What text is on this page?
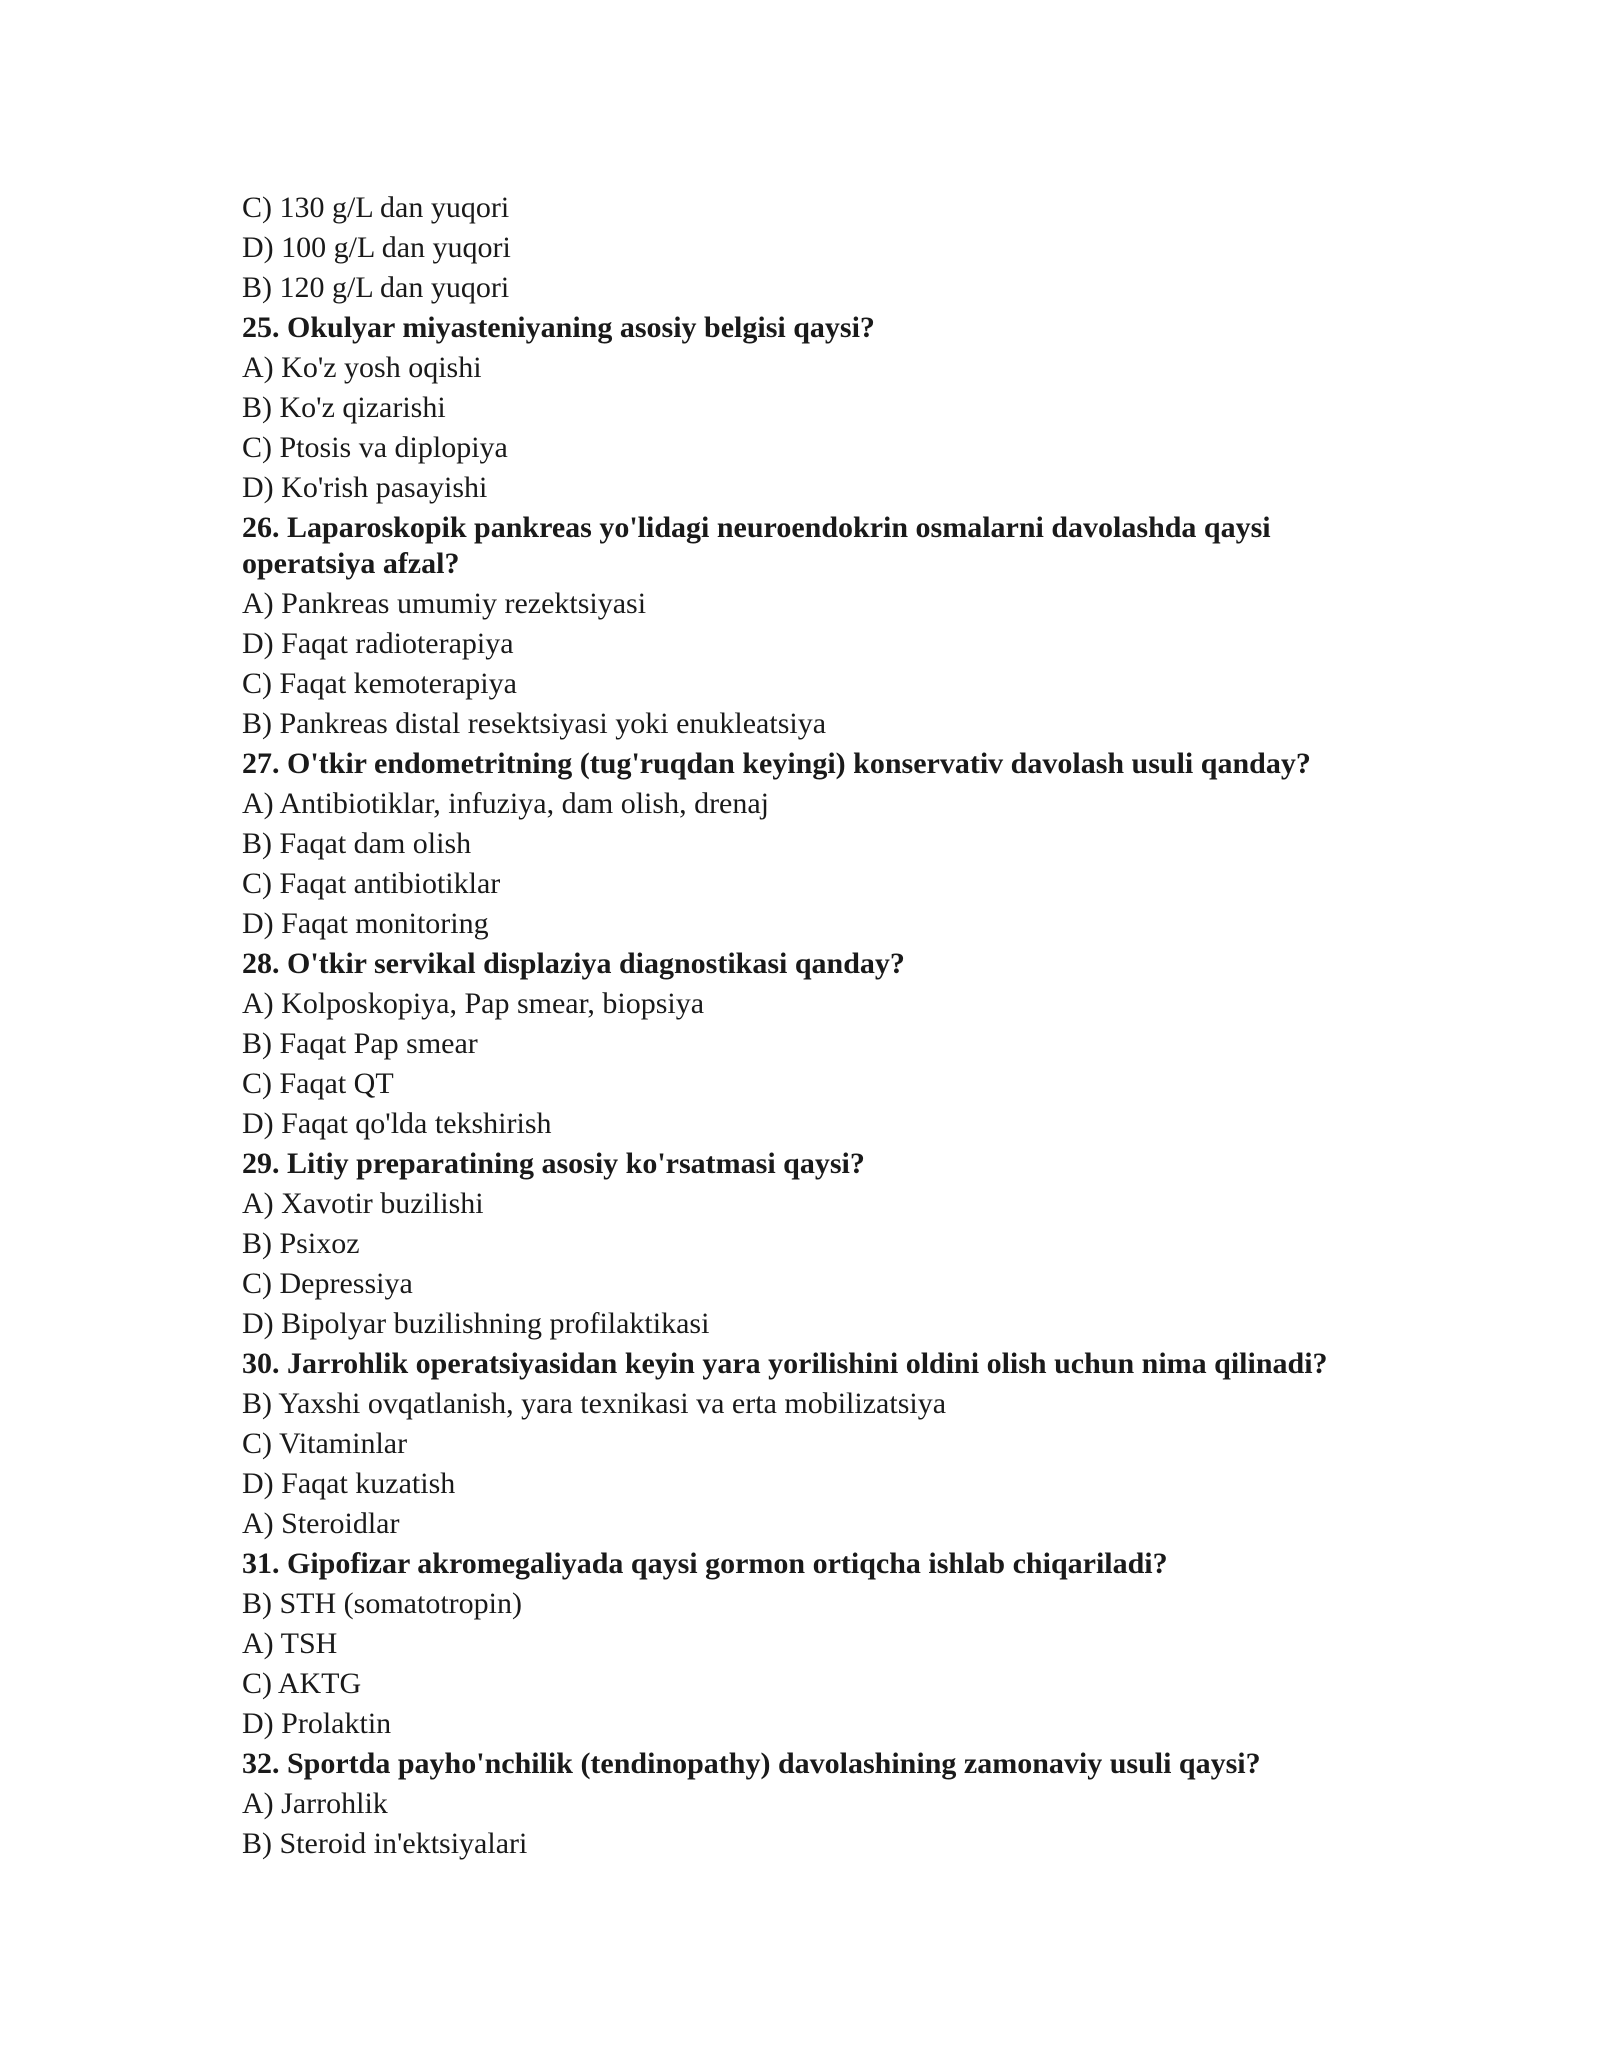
C) 130 g/L dan yuqori

D) 100 g/L dan yuqori

B) 120 g/L dan yuqori

25. Okulyar miyasteniyaning asosiy belgisi qaysi?

A) Ko'z yosh oqishi

B) Ko'z qizarishi

C) Ptosis va diplopiya

D) Ko'rish pasayishi

26. Laparoskopik pankreas yo'lidagi neuroendokrin osmalarni davolashda qaysi operatsiya afzal?

A) Pankreas umumiy rezektsiyasi

D) Faqat radioterapiya

C) Faqat kemoterapiya

B) Pankreas distal resektsiyasi yoki enukleatsiya

27. O'tkir endometritning (tug'ruqdan keyingi) konservativ davolash usuli qanday?

A) Antibiotiklar, infuziya, dam olish, drenaj

B) Faqat dam olish

C) Faqat antibiotiklar

D) Faqat monitoring

28. O'tkir servikal displaziya diagnostikasi qanday?

A) Kolposkopiya, Pap smear, biopsiya

B) Faqat Pap smear

C) Faqat QT

D) Faqat qo'lda tekshirish

29. Litiy preparatining asosiy ko'rsatmasi qaysi?

A) Xavotir buzilishi

B) Psixoz

C) Depressiya

D) Bipolyar buzilishning profilaktikasi

30. Jarrohlik operatsiyasidan keyin yara yorilishini oldini olish uchun nima qilinadi?

B) Yaxshi ovqatlanish, yara texnikasi va erta mobilizatsiya

C) Vitaminlar

D) Faqat kuzatish

A) Steroidlar

31. Gipofizar akromegaliyada qaysi gormon ortiqcha ishlab chiqariladi?

B) STH (somatotropin)

A) TSH

C) AKTG

D) Prolaktin

32. Sportda payho'nchilik (tendinopathy) davolashining zamonaviy usuli qaysi?

A) Jarrohlik

B) Steroid in'ektsiyalari
